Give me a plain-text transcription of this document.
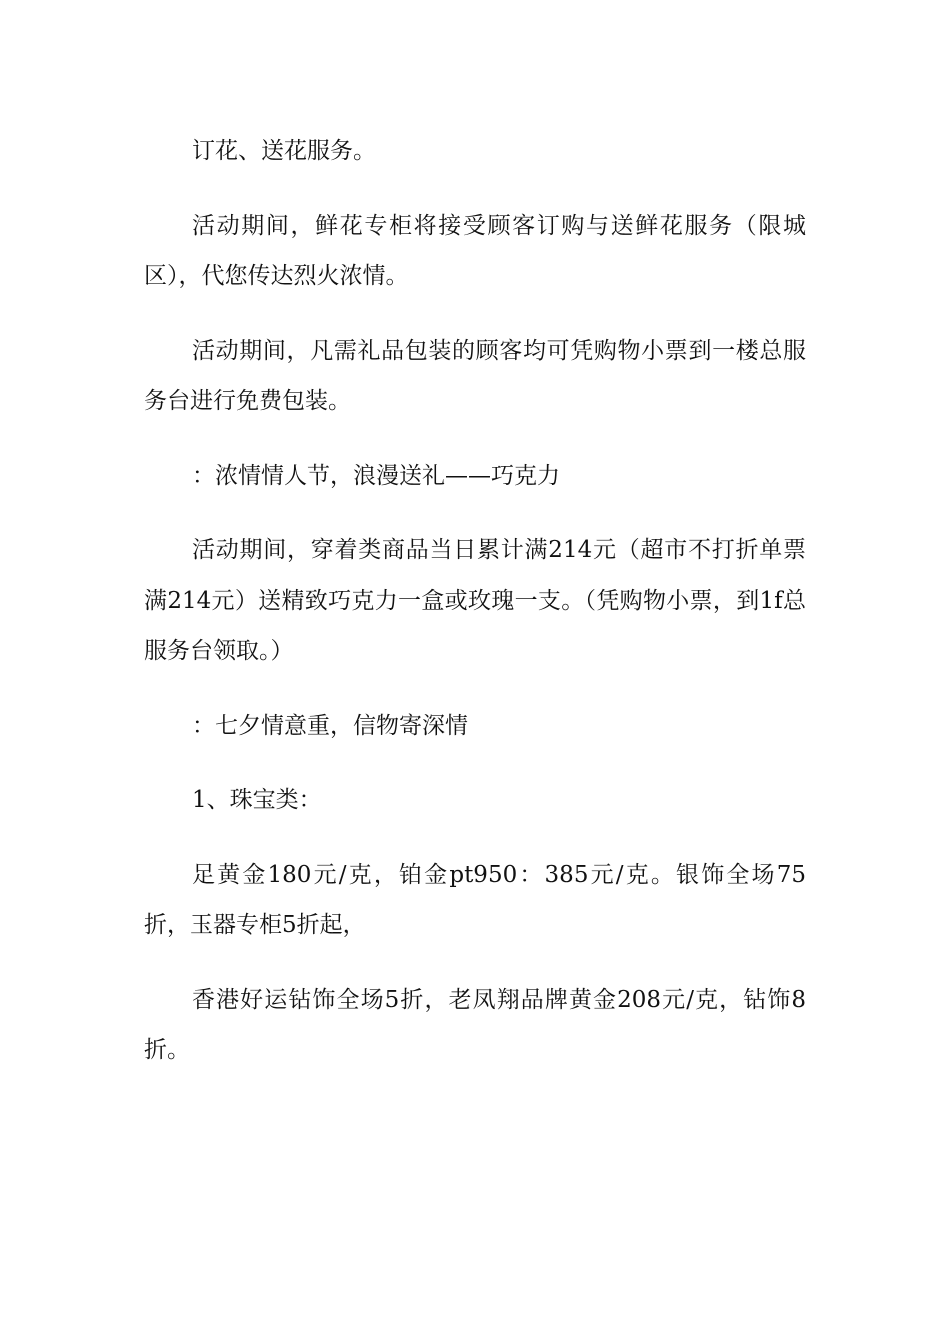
订花、送花服务。

活动期间，鲜花专柜将接受顾客订购与送鲜花服务（限城区），代您传达烈火浓情。

活动期间，凡需礼品包装的顾客均可凭购物小票到一楼总服务台进行免费包装。

：浓情情人节，浪漫送礼——巧克力

活动期间，穿着类商品当日累计满214元（超市不打折单票满214元）送精致巧克力一盒或玫瑰一支。（凭购物小票，到1f总服务台领取。）

：七夕情意重，信物寄深情

1、珠宝类：

足黄金180元/克，铂金pt950：385元/克。银饰全场75折，玉器专柜5折起，

香港好运钻饰全场5折，老凤翔品牌黄金208元/克，钻饰8折。
